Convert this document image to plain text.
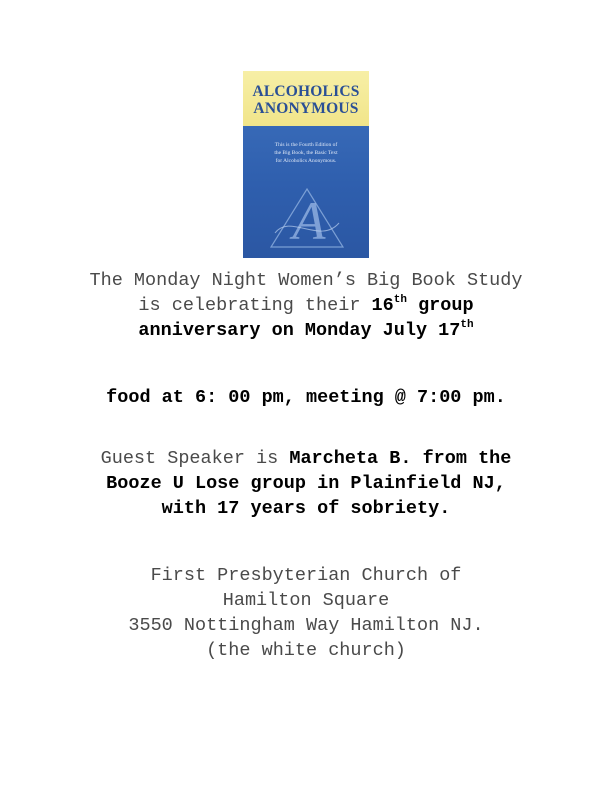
ALCOHOLICS
ANONYMOUS
This is the Fourth Edition of
the Big Book, the Basic Text
for Alcoholics Anonymous.
A
The Monday Night Women’s Big Book Study is celebrating their 16th group anniversary on Monday July 17th
food at 6: 00 pm, meeting @ 7:00 pm.
Guest Speaker is Marcheta B. from the Booze U Lose group in Plainfield NJ, with 17 years of sobriety.
First Presbyterian Church of
Hamilton Square
3550 Nottingham Way Hamilton NJ.
(the white church)
